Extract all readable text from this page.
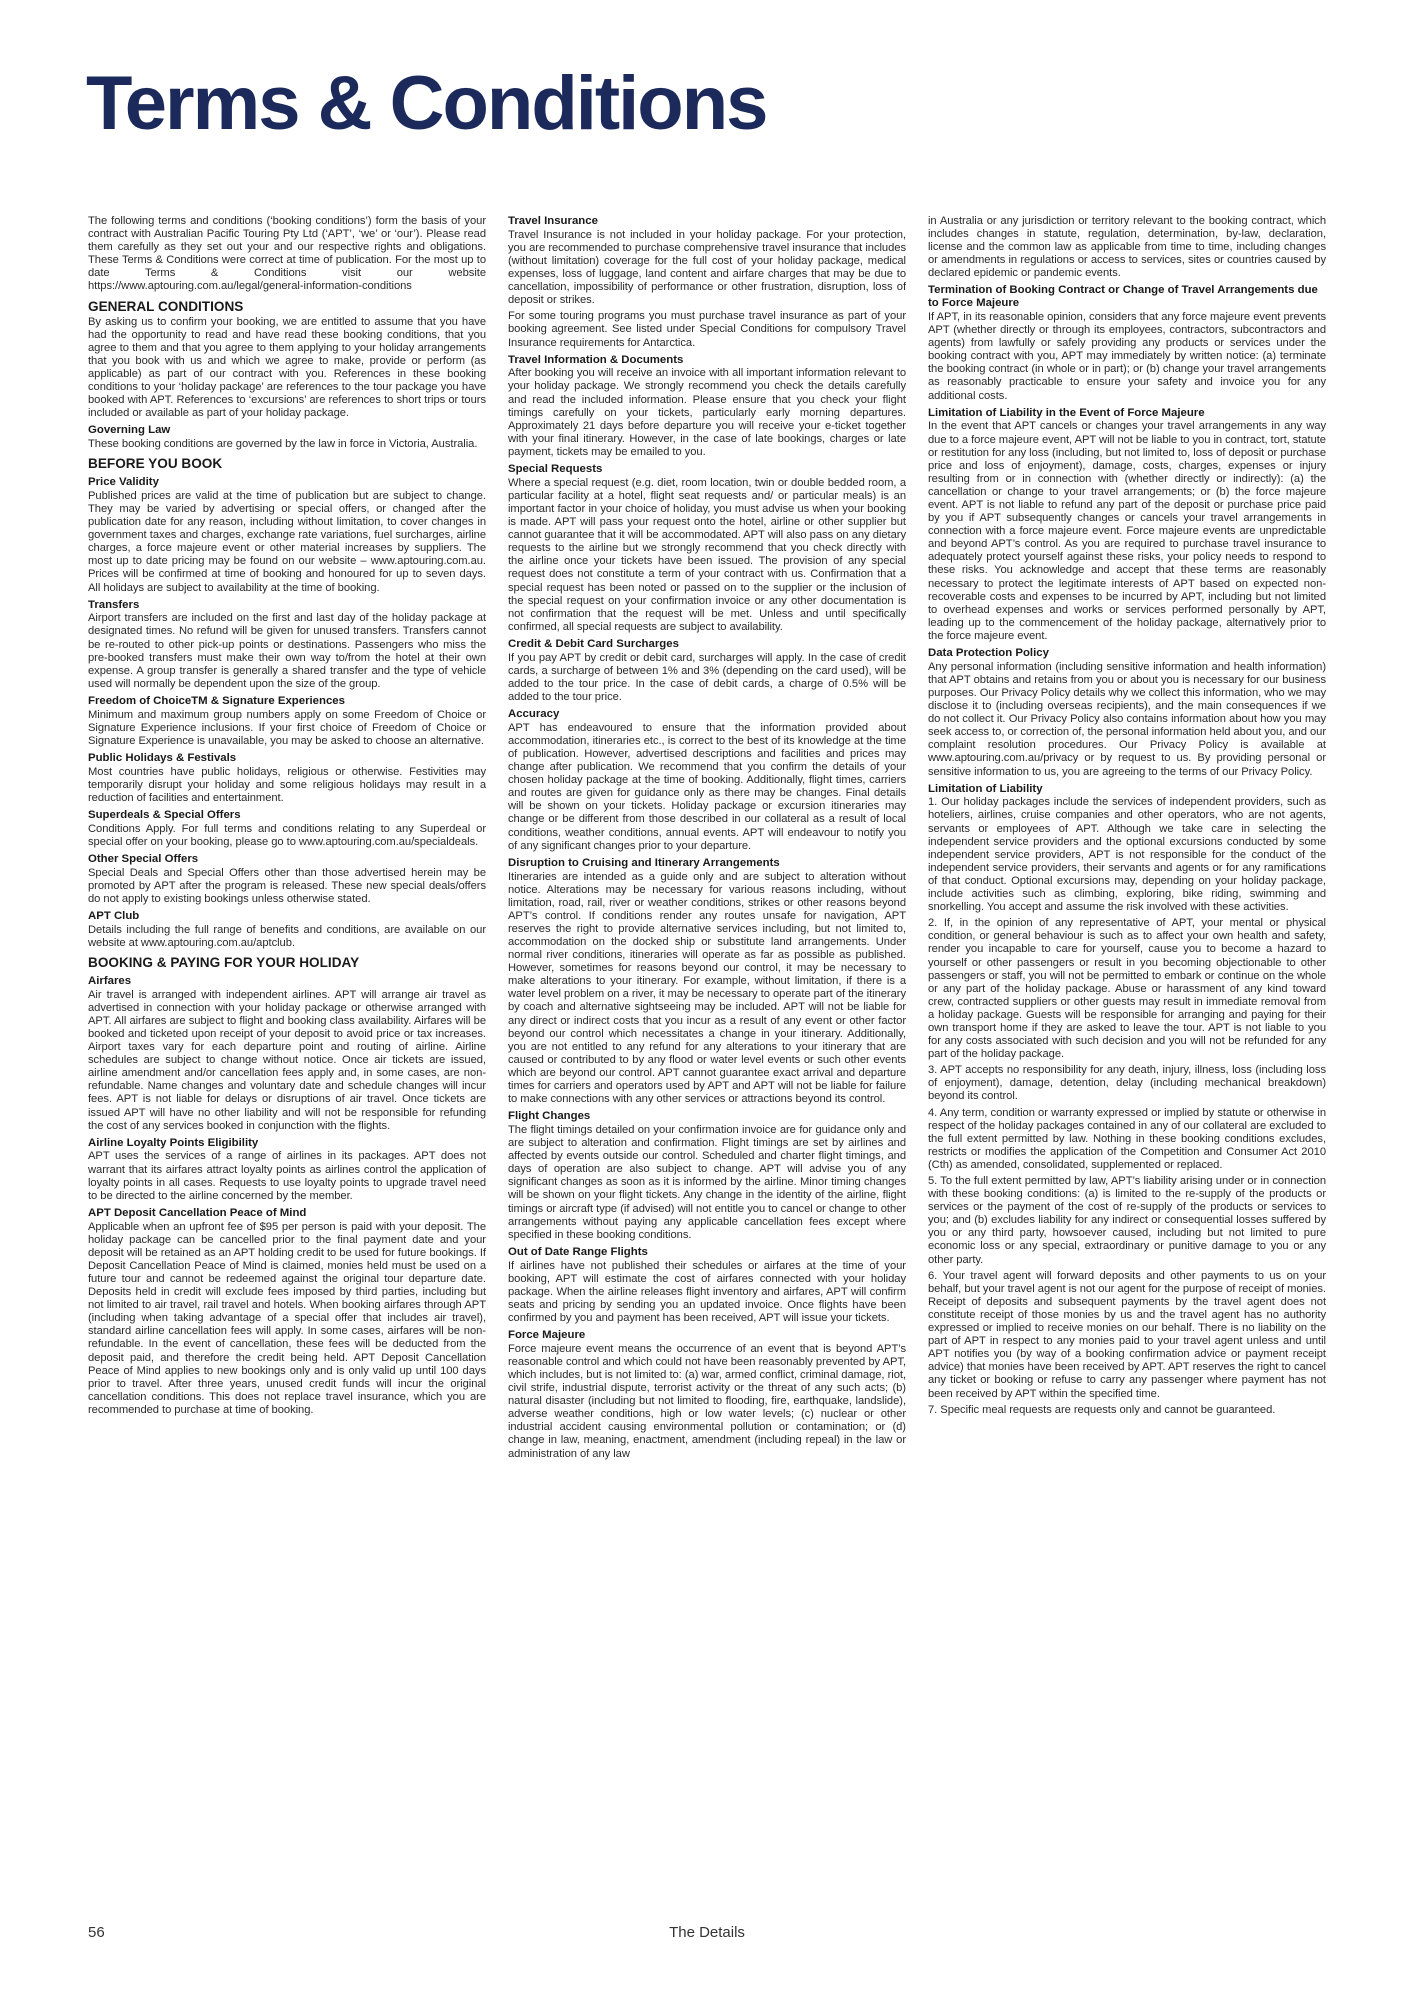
Terms & Conditions

The following terms and conditions (‘booking conditions’) form the basis of your contract with Australian Pacific Touring Pty Ltd (‘APT’, ‘we’ or ‘our’). Please read them carefully as they set out your and our respective rights and obligations. These Terms & Conditions were correct at time of publication. For the most up to date Terms & Conditions visit our website https://www.aptouring.com.au/legal/general-information-conditions

GENERAL CONDITIONS

By asking us to confirm your booking, we are entitled to assume that you have had the opportunity to read and have read these booking conditions, that you agree to them and that you agree to them applying to your holiday arrangements that you book with us and which we agree to make, provide or perform (as applicable) as part of our contract with you. References in these booking conditions to your ‘holiday package’ are references to the tour package you have booked with APT. References to ‘excursions’ are references to short trips or tours included or available as part of your holiday package.

Governing Law

These booking conditions are governed by the law in force in Victoria, Australia.

BEFORE YOU BOOK
Price Validity

Published prices are valid at the time of publication but are subject to change. They may be varied by advertising or special offers, or changed after the publication date for any reason, including without limitation, to cover changes in government taxes and charges, exchange rate variations, fuel surcharges, airline charges, a force majeure event or other material increases by suppliers. The most up to date pricing may be found on our website – www.aptouring.com.au. Prices will be confirmed at time of booking and honoured for up to seven days. All holidays are subject to availability at the time of booking.

Transfers

Airport transfers are included on the first and last day of the holiday package at designated times. No refund will be given for unused transfers. Transfers cannot be re-routed to other pick-up points or destinations. Passengers who miss the pre-booked transfers must make their own way to/from the hotel at their own expense. A group transfer is generally a shared transfer and the type of vehicle used will normally be dependent upon the size of the group.

Freedom of ChoiceTM & Signature Experiences

Minimum and maximum group numbers apply on some Freedom of Choice or Signature Experience inclusions. If your first choice of Freedom of Choice or Signature Experience is unavailable, you may be asked to choose an alternative.

Public Holidays & Festivals

Most countries have public holidays, religious or otherwise. Festivities may temporarily disrupt your holiday and some religious holidays may result in a reduction of facilities and entertainment.

Superdeals & Special Offers

Conditions Apply. For full terms and conditions relating to any Superdeal or special offer on your booking, please go to www.aptouring.com.au/specialdeals.

Other Special Offers

Special Deals and Special Offers other than those advertised herein may be promoted by APT after the program is released. These new special deals/offers do not apply to existing bookings unless otherwise stated.

APT Club

Details including the full range of benefits and conditions, are available on our website at www.aptouring.com.au/aptclub.

BOOKING & PAYING FOR YOUR HOLIDAY
Airfares

Air travel is arranged with independent airlines. APT will arrange air travel as advertised in connection with your holiday package or otherwise arranged with APT. All airfares are subject to flight and booking class availability. Airfares will be booked and ticketed upon receipt of your deposit to avoid price or tax increases. Airport taxes vary for each departure point and routing of airline. Airline schedules are subject to change without notice. Once air tickets are issued, airline amendment and/or cancellation fees apply and, in some cases, are non-refundable. Name changes and voluntary date and schedule changes will incur fees. APT is not liable for delays or disruptions of air travel. Once tickets are issued APT will have no other liability and will not be responsible for refunding the cost of any services booked in conjunction with the flights.

Airline Loyalty Points Eligibility

APT uses the services of a range of airlines in its packages. APT does not warrant that its airfares attract loyalty points as airlines control the application of loyalty points in all cases. Requests to use loyalty points to upgrade travel need to be directed to the airline concerned by the member.

APT Deposit Cancellation Peace of Mind

Applicable when an upfront fee of $95 per person is paid with your deposit. The holiday package can be cancelled prior to the final payment date and your deposit will be retained as an APT holding credit to be used for future bookings. If Deposit Cancellation Peace of Mind is claimed, monies held must be used on a future tour and cannot be redeemed against the original tour departure date. Deposits held in credit will exclude fees imposed by third parties, including but not limited to air travel, rail travel and hotels. When booking airfares through APT (including when taking advantage of a special offer that includes air travel), standard airline cancellation fees will apply. In some cases, airfares will be non-refundable. In the event of cancellation, these fees will be deducted from the deposit paid, and therefore the credit being held. APT Deposit Cancellation Peace of Mind applies to new bookings only and is only valid up until 100 days prior to travel. After three years, unused credit funds will incur the original cancellation conditions. This does not replace travel insurance, which you are recommended to purchase at time of booking.

Travel Insurance

Travel Insurance is not included in your holiday package. For your protection, you are recommended to purchase comprehensive travel insurance that includes (without limitation) coverage for the full cost of your holiday package, medical expenses, loss of luggage, land content and airfare charges that may be due to cancellation, impossibility of performance or other frustration, disruption, loss of deposit or strikes.

For some touring programs you must purchase travel insurance as part of your booking agreement. See listed under Special Conditions for compulsory Travel Insurance requirements for Antarctica.

Travel Information & Documents

After booking you will receive an invoice with all important information relevant to your holiday package. We strongly recommend you check the details carefully and read the included information. Please ensure that you check your flight timings carefully on your tickets, particularly early morning departures. Approximately 21 days before departure you will receive your e-ticket together with your final itinerary. However, in the case of late bookings, charges or late payment, tickets may be emailed to you.

Special Requests

Where a special request (e.g. diet, room location, twin or double bedded room, a particular facility at a hotel, flight seat requests and/ or particular meals) is an important factor in your choice of holiday, you must advise us when your booking is made. APT will pass your request onto the hotel, airline or other supplier but cannot guarantee that it will be accommodated. APT will also pass on any dietary requests to the airline but we strongly recommend that you check directly with the airline once your tickets have been issued. The provision of any special request does not constitute a term of your contract with us. Confirmation that a special request has been noted or passed on to the supplier or the inclusion of the special request on your confirmation invoice or any other documentation is not confirmation that the request will be met. Unless and until specifically confirmed, all special requests are subject to availability.

Credit & Debit Card Surcharges

If you pay APT by credit or debit card, surcharges will apply. In the case of credit cards, a surcharge of between 1% and 3% (depending on the card used), will be added to the tour price. In the case of debit cards, a charge of 0.5% will be added to the tour price.

Accuracy

APT has endeavoured to ensure that the information provided about accommodation, itineraries etc., is correct to the best of its knowledge at the time of publication. However, advertised descriptions and facilities and prices may change after publication. We recommend that you confirm the details of your chosen holiday package at the time of booking. Additionally, flight times, carriers and routes are given for guidance only as there may be changes. Final details will be shown on your tickets. Holiday package or excursion itineraries may change or be different from those described in our collateral as a result of local conditions, weather conditions, annual events. APT will endeavour to notify you of any significant changes prior to your departure.

Disruption to Cruising and Itinerary Arrangements

Itineraries are intended as a guide only and are subject to alteration without notice. Alterations may be necessary for various reasons including, without limitation, road, rail, river or weather conditions, strikes or other reasons beyond APT’s control. If conditions render any routes unsafe for navigation, APT reserves the right to provide alternative services including, but not limited to, accommodation on the docked ship or substitute land arrangements. Under normal river conditions, itineraries will operate as far as possible as published. However, sometimes for reasons beyond our control, it may be necessary to make alterations to your itinerary. For example, without limitation, if there is a water level problem on a river, it may be necessary to operate part of the itinerary by coach and alternative sightseeing may be included. APT will not be liable for any direct or indirect costs that you incur as a result of any event or other factor beyond our control which necessitates a change in your itinerary. Additionally, you are not entitled to any refund for any alterations to your itinerary that are caused or contributed to by any flood or water level events or such other events which are beyond our control. APT cannot guarantee exact arrival and departure times for carriers and operators used by APT and APT will not be liable for failure to make connections with any other services or attractions beyond its control.

Flight Changes

The flight timings detailed on your confirmation invoice are for guidance only and are subject to alteration and confirmation. Flight timings are set by airlines and affected by events outside our control. Scheduled and charter flight timings, and days of operation are also subject to change. APT will advise you of any significant changes as soon as it is informed by the airline. Minor timing changes will be shown on your flight tickets. Any change in the identity of the airline, flight timings or aircraft type (if advised) will not entitle you to cancel or change to other arrangements without paying any applicable cancellation fees except where specified in these booking conditions.

Out of Date Range Flights

If airlines have not published their schedules or airfares at the time of your booking, APT will estimate the cost of airfares connected with your holiday package. When the airline releases flight inventory and airfares, APT will confirm seats and pricing by sending you an updated invoice. Once flights have been confirmed by you and payment has been received, APT will issue your tickets.

Force Majeure

Force majeure event means the occurrence of an event that is beyond APT’s reasonable control and which could not have been reasonably prevented by APT, which includes, but is not limited to: (a) war, armed conflict, criminal damage, riot, civil strife, industrial dispute, terrorist activity or the threat of any such acts; (b) natural disaster (including but not limited to flooding, fire, earthquake, landslide), adverse weather conditions, high or low water levels; (c) nuclear or other industrial accident causing environmental pollution or contamination; or (d) change in law, meaning, enactment, amendment (including repeal) in the law or administration of any law

in Australia or any jurisdiction or territory relevant to the booking contract, which includes changes in statute, regulation, determination, by-law, declaration, license and the common law as applicable from time to time, including changes or amendments in regulations or access to services, sites or countries caused by declared epidemic or pandemic events.

Termination of Booking Contract or Change of Travel Arrangements due to Force Majeure

If APT, in its reasonable opinion, considers that any force majeure event prevents APT (whether directly or through its employees, contractors, subcontractors and agents) from lawfully or safely providing any products or services under the booking contract with you, APT may immediately by written notice: (a) terminate the booking contract (in whole or in part); or (b) change your travel arrangements as reasonably practicable to ensure your safety and invoice you for any additional costs.

Limitation of Liability in the Event of Force Majeure

In the event that APT cancels or changes your travel arrangements in any way due to a force majeure event, APT will not be liable to you in contract, tort, statute or restitution for any loss (including, but not limited to, loss of deposit or purchase price and loss of enjoyment), damage, costs, charges, expenses or injury resulting from or in connection with (whether directly or indirectly): (a) the cancellation or change to your travel arrangements; or (b) the force majeure event. APT is not liable to refund any part of the deposit or purchase price paid by you if APT subsequently changes or cancels your travel arrangements in connection with a force majeure event. Force majeure events are unpredictable and beyond APT’s control. As you are required to purchase travel insurance to adequately protect yourself against these risks, your policy needs to respond to these risks. You acknowledge and accept that these terms are reasonably necessary to protect the legitimate interests of APT based on expected non-recoverable costs and expenses to be incurred by APT, including but not limited to overhead expenses and works or services performed personally by APT, leading up to the commencement of the holiday package, alternatively prior to the force majeure event.

Data Protection Policy

Any personal information (including sensitive information and health information) that APT obtains and retains from you or about you is necessary for our business purposes. Our Privacy Policy details why we collect this information, who we may disclose it to (including overseas recipients), and the main consequences if we do not collect it. Our Privacy Policy also contains information about how you may seek access to, or correction of, the personal information held about you, and our complaint resolution procedures. Our Privacy Policy is available at www.aptouring.com.au/privacy or by request to us. By providing personal or sensitive information to us, you are agreeing to the terms of our Privacy Policy.

Limitation of Liability

1. Our holiday packages include the services of independent providers, such as hoteliers, airlines, cruise companies and other operators, who are not agents, servants or employees of APT. Although we take care in selecting the independent service providers and the optional excursions conducted by some independent service providers, APT is not responsible for the conduct of the independent service providers, their servants and agents or for any ramifications of that conduct. Optional excursions may, depending on your holiday package, include activities such as climbing, exploring, bike riding, swimming and snorkelling. You accept and assume the risk involved with these activities.

2. If, in the opinion of any representative of APT, your mental or physical condition, or general behaviour is such as to affect your own health and safety, render you incapable to care for yourself, cause you to become a hazard to yourself or other passengers or result in you becoming objectionable to other passengers or staff, you will not be permitted to embark or continue on the whole or any part of the holiday package. Abuse or harassment of any kind toward crew, contracted suppliers or other guests may result in immediate removal from a holiday package. Guests will be responsible for arranging and paying for their own transport home if they are asked to leave the tour. APT is not liable to you for any costs associated with such decision and you will not be refunded for any part of the holiday package.

3. APT accepts no responsibility for any death, injury, illness, loss (including loss of enjoyment), damage, detention, delay (including mechanical breakdown) beyond its control.

4. Any term, condition or warranty expressed or implied by statute or otherwise in respect of the holiday packages contained in any of our collateral are excluded to the full extent permitted by law. Nothing in these booking conditions excludes, restricts or modifies the application of the Competition and Consumer Act 2010 (Cth) as amended, consolidated, supplemented or replaced.

5. To the full extent permitted by law, APT’s liability arising under or in connection with these booking conditions: (a) is limited to the re-supply of the products or services or the payment of the cost of re-supply of the products or services to you; and (b) excludes liability for any indirect or consequential losses suffered by you or any third party, howsoever caused, including but not limited to pure economic loss or any special, extraordinary or punitive damage to you or any other party.

6. Your travel agent will forward deposits and other payments to us on your behalf, but your travel agent is not our agent for the purpose of receipt of monies. Receipt of deposits and subsequent payments by the travel agent does not constitute receipt of those monies by us and the travel agent has no authority expressed or implied to receive monies on our behalf. There is no liability on the part of APT in respect to any monies paid to your travel agent unless and until APT notifies you (by way of a booking confirmation advice or payment receipt advice) that monies have been received by APT. APT reserves the right to cancel any ticket or booking or refuse to carry any passenger where payment has not been received by APT within the specified time.

7. Specific meal requests are requests only and cannot be guaranteed.

56	The Details
